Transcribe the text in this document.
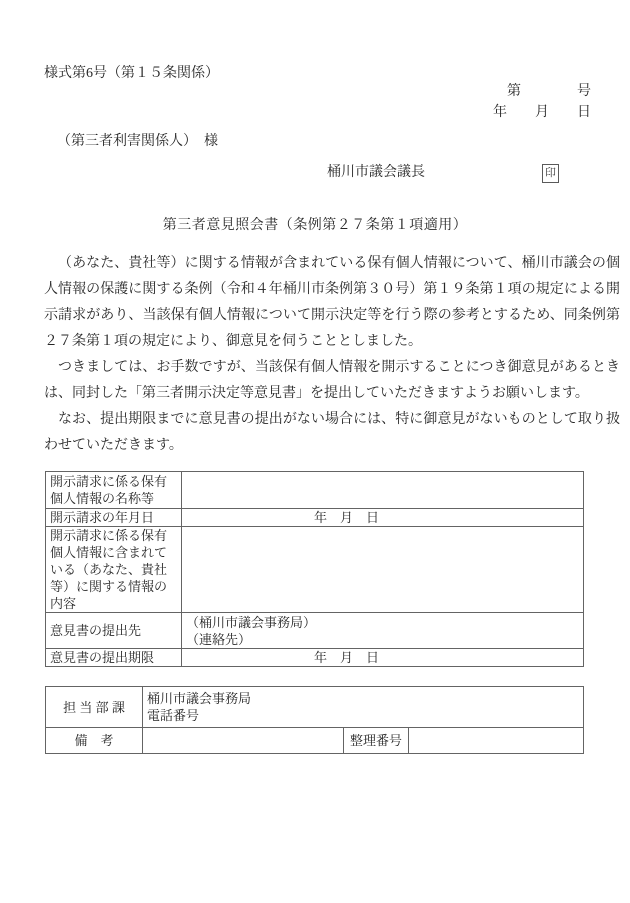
様式第6号（第１５条関係）
第　　　　号
年　　月　　日
（第三者利害関係人）　様
桶川市議会議長	印
第三者意見照会書（条例第２７条第１項適用）

（あなた、貴社等）に関する情報が含まれている保有個人情報について、桶川市議会の個人情報の保護に関する条例（令和４年桶川市条例第３０号）第１９条第１項の規定による開示請求があり、当該保有個人情報について開示決定等を行う際の参考とするため、同条例第２７条第１項の規定により、御意見を伺うこととしました。

つきましては、お手数ですが、当該保有個人情報を開示することにつき御意見があるときは、同封した「第三者開示決定等意見書」を提出していただきますようお願いします。

なお、提出期限までに意見書の提出がない場合には、特に御意見がないものとして取り扱わせていただきます。

開示請求に係る保有個人情報の名称等	
開示請求の年月日	年　月　日
開示請求に係る保有個人情報に含まれている（あなた、貴社等）に関する情報の内容	
意見書の提出先	（桶川市議会事務局）
（連絡先）

意見書の提出期限	年　月　日
担 当 部 課	桶川市議会事務局
電話番号		

備　考		整理番号	
